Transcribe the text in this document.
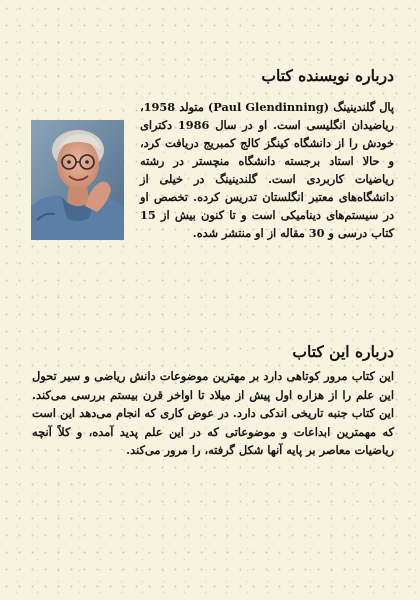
درباره نویسنده کتاب

پال گلندینینگ (Paul Glendinning) متولد 1958، ریاضیدان انگلیسی است. او در سال 1986 دکترای خودش را از دانشگاه کینگز کالج کمبریج دریافت کرد، و حالا استاد برجسته دانشگاه منچستر در رشته ریاضیات کاربردی است. گلندینینگ در خیلی از دانشگاه‌های معتبر انگلستان تدریس کرده. تخصص او در سیستم‌های دینامیکی است و تا کنون بیش از 15 کتاب درسی و 30 مقاله از او منتشر شده.

درباره این کتاب

این کتاب مرور کوتاهی دارد بر مهترین موضوعات دانش ریاضی و سیر تحول این علم را از هزاره اول پیش از میلاد تا اواخر قرن بیستم بررسی می‌کند. این کتاب جنبه تاریخی اندکی دارد. در عوض کاری که انجام می‌دهد این است که مهمترین ابداعات و موضوعاتی که در این علم پدید آمده، و کلاً آنچه ریاضیات معاصر بر پایه آنها شکل گرفته، را مرور می‌کند.
